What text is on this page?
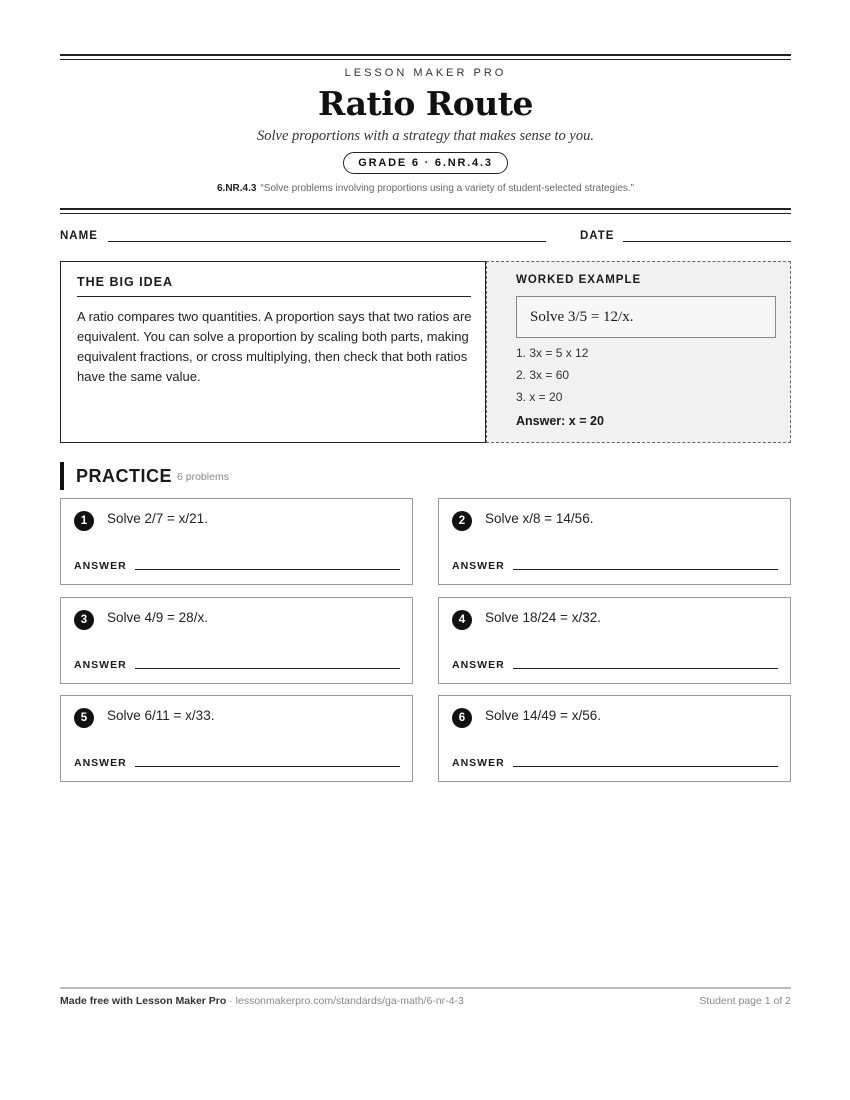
LESSON MAKER PRO
Ratio Route
Solve proportions with a strategy that makes sense to you.
GRADE 6 · 6.NR.4.3
6.NR.4.3 “Solve problems involving proportions using a variety of student-selected strategies.”
NAME	DATE
THE BIG IDEA
A ratio compares two quantities. A proportion says that two ratios are equivalent. You can solve a proportion by scaling both parts, making equivalent fractions, or cross multiplying, then check that both ratios have the same value.
WORKED EXAMPLE
Solve 3/5 = 12/x.
1. 3x = 5 x 12
2. 3x = 60
3. x = 20
Answer: x = 20
PRACTICE 6 problems
1	Solve 2/7 = x/21.
ANSWER
2	Solve x/8 = 14/56.
ANSWER
3	Solve 4/9 = 28/x.
ANSWER
4	Solve 18/24 = x/32.
ANSWER
5	Solve 6/11 = x/33.
ANSWER
6	Solve 14/49 = x/56.
ANSWER
Made free with Lesson Maker Pro · lessonmakerpro.com/standards/ga-math/6-nr-4-3	Student page 1 of 2
